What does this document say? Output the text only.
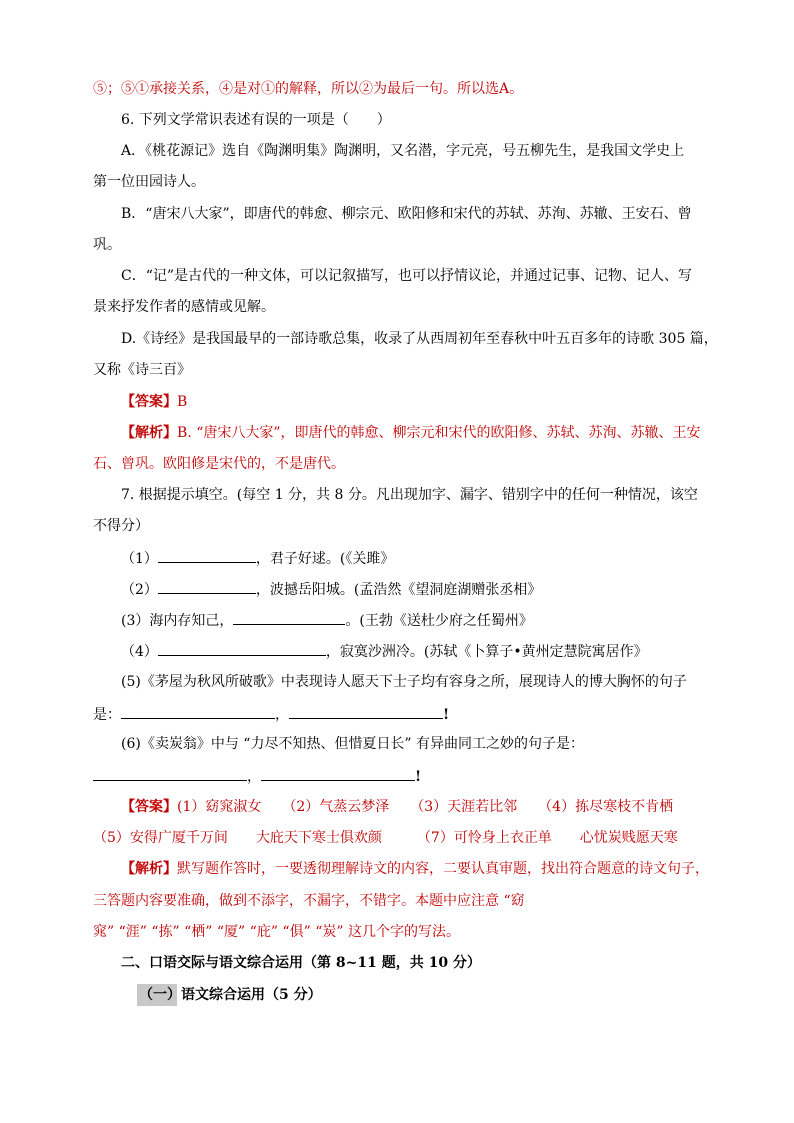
⑤；⑤①承接关系，④是对①的解释，所以②为最后一句。所以选A。
6. 下列文学常识表述有误的一项是（　　）
A．《桃花源记》选自《陶渊明集》陶渊明，又名潜，字元亮，号五柳先生，是我国文学史上
第一位田园诗人。
B．“唐宋八大家”，即唐代的韩愈、柳宗元、欧阳修和宋代的苏轼、苏洵、苏辙、王安石、曾
巩。
C．“记”是古代的一种文体，可以记叙描写，也可以抒情议论，并通过记事、记物、记人、写
景来抒发作者的感情或见解。
D.《诗经》是我国最早的一部诗歌总集，收录了从西周初年至春秋中叶五百多年的诗歌 305 篇，
又称《诗三百》
【答案】B
【解析】B. “唐宋八大家”，即唐代的韩愈、柳宗元和宋代的欧阳修、苏轼、苏洵、苏辙、王安
石、曾巩。欧阳修是宋代的，不是唐代。
7. 根据提示填空。(每空 1 分，共 8 分。凡出现加字、漏字、错别字中的任何一种情况，该空
不得分）
（1）	，君子好逑。(《关雎》
（2）	，波撼岳阳城。(孟浩然《望洞庭湖赠张丞相》
(3）海内存知己，	。(王勃《送杜少府之任蜀州》
（4）	，寂寞沙洲冷。(苏轼《卜算子•黄州定慧院寓居作》
(5)《茅屋为秋风所破歌》中表现诗人愿天下士子均有容身之所，展现诗人的博大胸怀的句子
是：	，	!
(6)《卖炭翁》中与 “力尽不知热、但惜夏日长” 有异曲同工之妙的句子是：
，	!
【答案】(1）窈窕淑女　　（2）气蒸云梦泽　　（3）天涯若比邻　　（4）拣尽寒枝不肯栖
（5）安得广厦千万间　　大庇天下寒士俱欢颜　　　（7）可怜身上衣正单　　心忧炭贱愿天寒
【解析】默写题作答时，一要透彻理解诗文的内容，二要认真审题，找出符合题意的诗文句子，
三答题内容要准确，做到不添字，不漏字，不错字。本题中应注意 “窈
窕” “涯” “拣” “栖” “厦” “庇” “俱” “炭” 这几个字的写法。
二、口语交际与语文综合运用（第 8~11 题，共 10 分）
（一）语文综合运用（5 分）
